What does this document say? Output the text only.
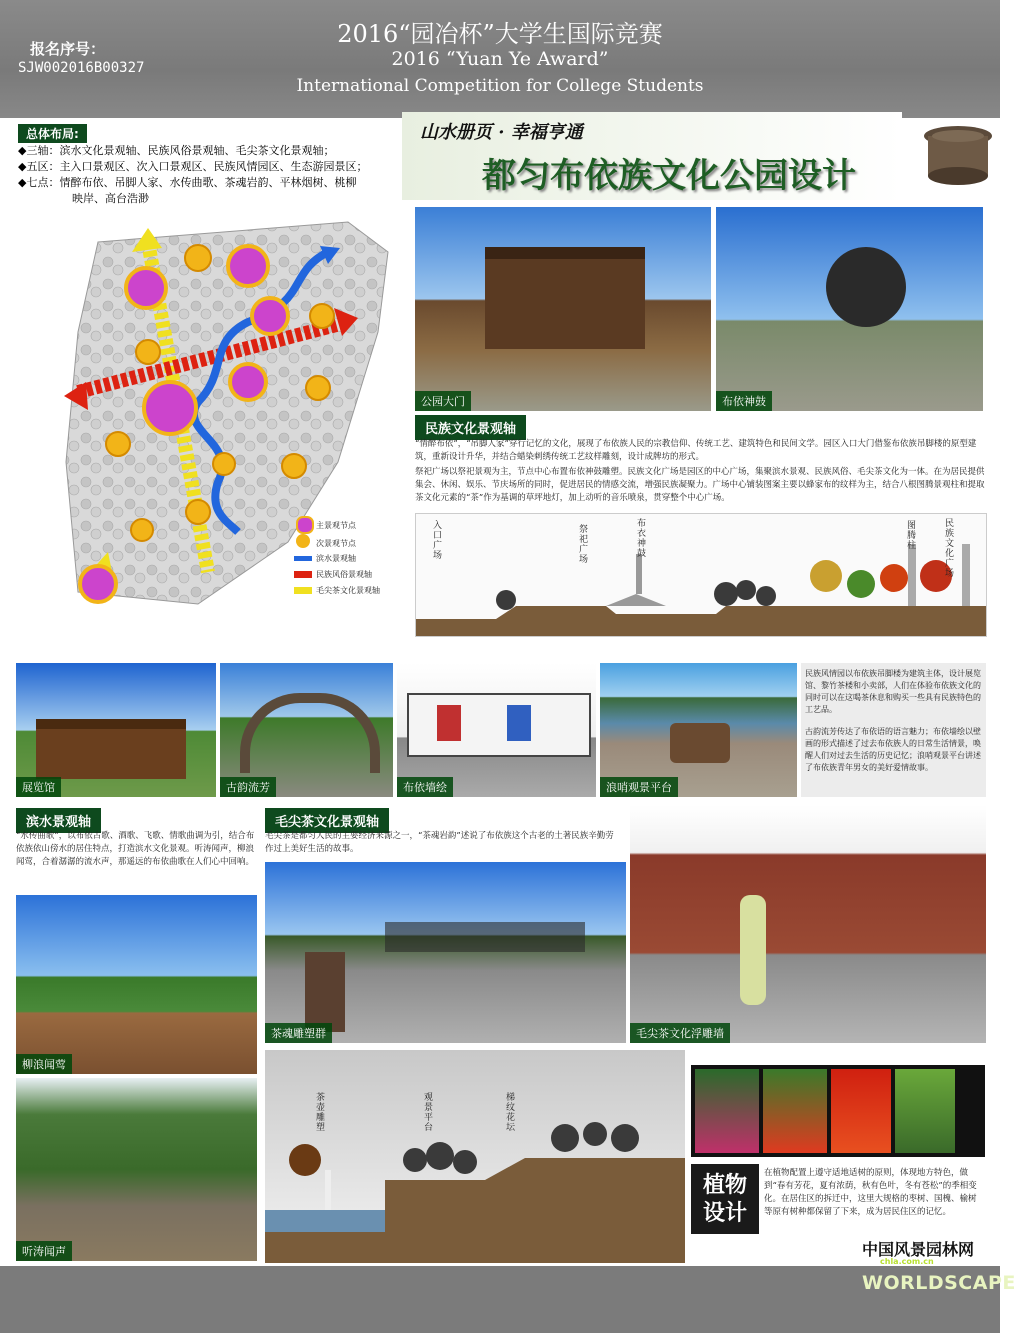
2016“园冶杯”大学生国际竞赛
2016 “Yuan Ye Award”
International Competition for College Students
报名序号：
SJW002016B00327
总体布局:
◆三轴：滨水文化景观轴、民族风俗景观轴、毛尖茶文化景观轴；
◆五区：主入口景观区、次入口景观区、民族风情园区、生态游园景区；
◆七点：情醉布依、吊脚人家、水传曲歌、茶魂岩韵、平林烟树、桃柳
映岸、高台浩渺
山水册页 · 幸福亨通
都匀布依族文化公园设计
主景观节点
次景观节点
滨水景观轴
民族风俗景观轴
毛尖茶文化景观轴
公园大门	布依神鼓
民族文化景观轴
“情醉布依”，“吊脚人家”穿行记忆的文化，展现了布依族人民的宗教信仰、传统工艺、建筑特色和民间文学。园区入口大门借鉴布依族吊脚楼的原型建筑，重新设计升华，并结合蜡染刺绣传统工艺纹样雕刻，设计成牌坊的形式。
祭祀广场以祭祀景观为主，节点中心布置布依神鼓雕塑。民族文化广场是园区的中心广场，集聚滨水景观、民族风俗、毛尖茶文化为一体。在为居民提供集会、休闲、娱乐、节庆场所的同时，促进居民的情感交流，增强民族凝聚力。广场中心铺装图案主要以蜂家布的纹样为主，结合八根图腾景观柱和提取茶文化元素的“茶”作为基调的草坪地灯，加上动听的音乐喷泉，贯穿整个中心广场。
入口广场	祭祀广场	布衣神鼓	图腾柱	民族文化广场
展览馆	古韵流芳	布依墙绘	浪哨观景平台
民族风情园以布依族吊脚楼为建筑主体，设计展览馆、黎竹茶楼和小卖部，人们在体验布依族文化的同时可以在这喝茶休息和购买一些具有民族特色的工艺品。
古韵流芳传达了布依语的语言魅力；布依墙绘以壁画的形式描述了过去布依族人的日常生活情景，唤醒人们对过去生活的历史记忆；浪哨观景平台讲述了布依族青年男女的美好爱情故事。
滨水景观轴
“水传曲歌”，以布依古歌、酒歌、飞歌、情歌曲调为引，结合布依族依山傍水的居住特点，打造滨水文化景观。听涛闻声，柳浪闻莺，合着潺潺的流水声，那遥远的布依曲歌在人们心中回响。
柳浪闻莺
听涛闻声
毛尖茶文化景观轴
毛尖茶是都匀人民的主要经济来源之一，“茶魂岩韵”述说了布依族这个古老的土著民族辛勤劳作过上美好生活的故事。
茶魂雕塑群	毛尖茶文化浮雕墙
茶壶雕塑	观景平台	梯纹花坛
植物设计
在植物配置上遵守适地适树的原则，体现地方特色，做到“春有芳花，夏有浓荫，秋有色叶，冬有苍松”的季相变化。在居住区的拆迁中，这里大规格的枣树、国槐、榆树等原有树种都保留了下来，成为居民住区的记忆。
中国风景园林网
chla.com.cn
WORLDSCAPE
